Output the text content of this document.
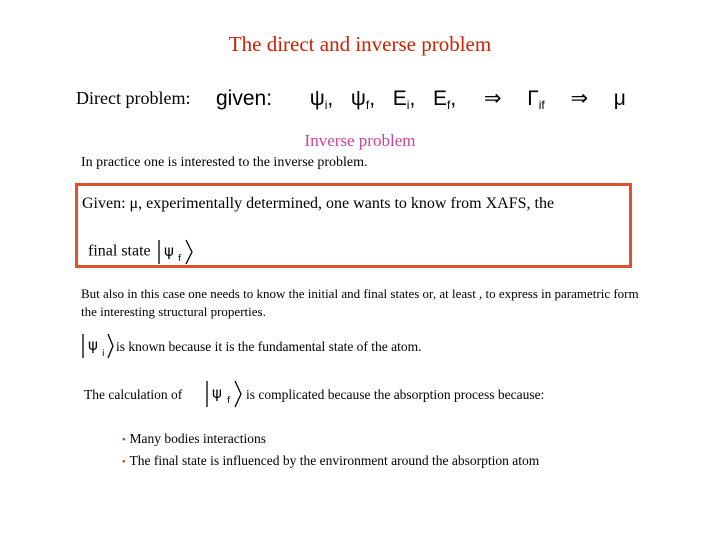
The direct and inverse problem
Direct problem: given: $\psi_i$, $\psi_f$, $E_i$, $E_f$, ⇒ $\Gamma_{if}$ ⇒ μ
Inverse problem
In practice one is interested to the inverse problem.
Given: μ, experimentally determined, one wants to know from XAFS, the
final state ψ f
But also in this case one needs to know the initial and final states or, at least , to express in parametric form the interesting structural properties.
ψ i is known because it is the fundamental state of the atom.
The calculation of ψ f is complicated because the absorption process because:
• Many bodies interactions
• The final state is influenced by the environment around the absorption atom
